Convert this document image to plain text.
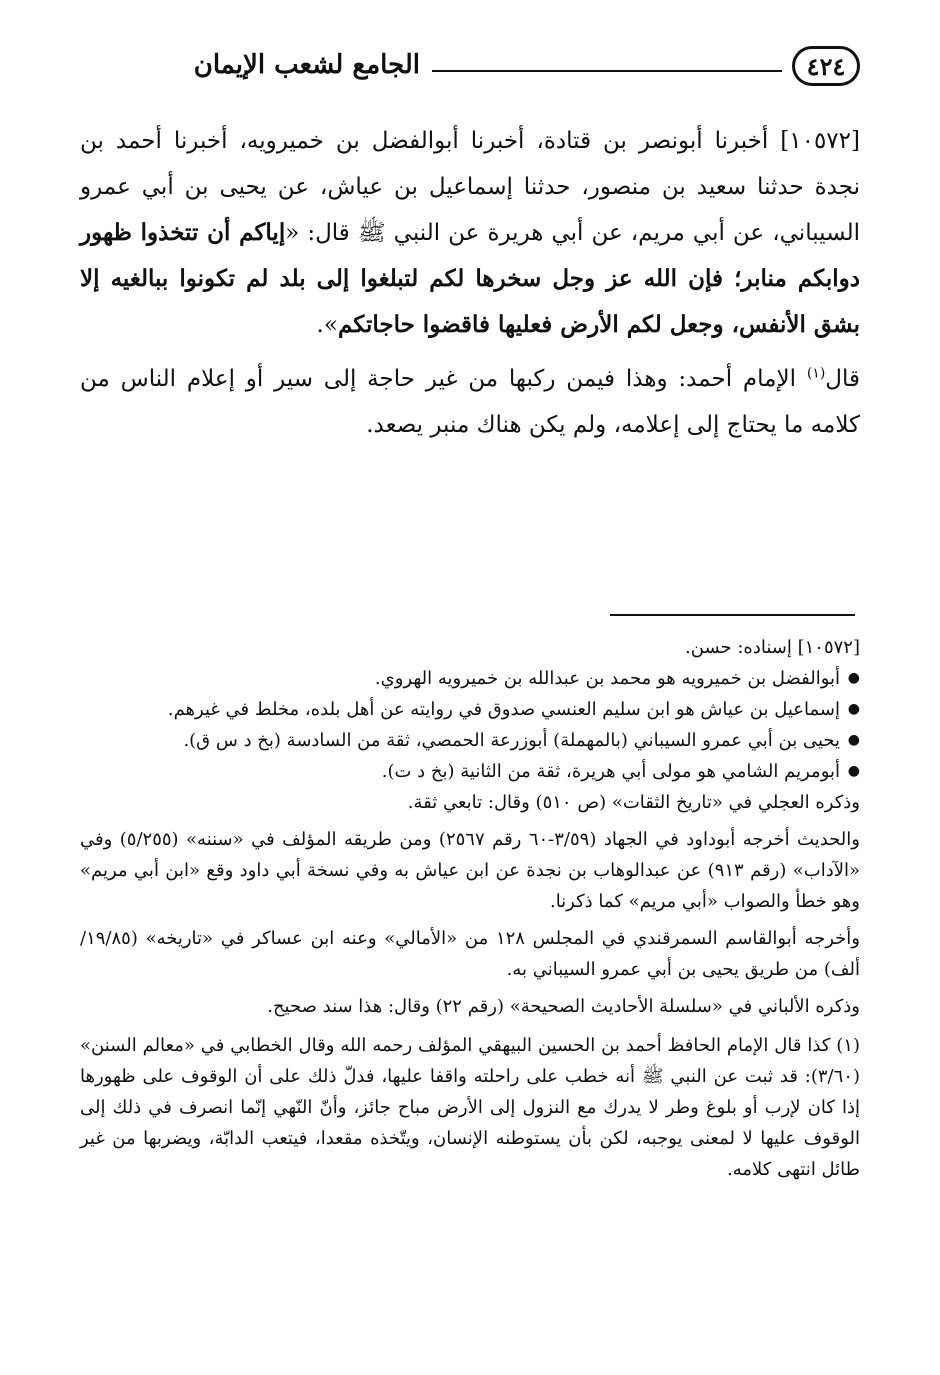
٤٢٤
الجامع لشعب الإيمان

[١٠٥٧٢] أخبرنا أبونصر بن قتادة، أخبرنا أبوالفضل بن خميرويه، أخبرنا أحمد بن نجدة حدثنا سعيد بن منصور، حدثنا إسماعيل بن عياش، عن يحيى بن أبي عمرو السيباني، عن أبي مريم، عن أبي هريرة عن النبي ﷺ قال: «إياكم أن تتخذوا ظهور دوابكم منابر؛ فإن الله عز وجل سخرها لكم لتبلغوا إلى بلد لم تكونوا ببالغيه إلا بشق الأنفس، وجعل لكم الأرض فعليها فاقضوا حاجاتكم».

قال$^{(١)}$ الإمام أحمد: وهذا فيمن ركبها من غير حاجة إلى سير أو إعلام الناس من كلامه ما يحتاج إلى إعلامه، ولم يكن هناك منبر يصعد.

[١٠٥٧٢] إسناده: حسن.

● أبوالفضل بن خميرويه هو محمد بن عبدالله بن خميرويه الهروي.
● إسماعيل بن عياش هو ابن سليم العنسي صدوق في روايته عن أهل بلده، مخلط في غيرهم.
● يحيى بن أبي عمرو السيباني (بالمهملة) أبوزرعة الحمصي، ثقة من السادسة (بخ د س ق).
● أبومريم الشامي هو مولى أبي هريرة، ثقة من الثانية (بخ د ت).

وذكره العجلي في «تاريخ الثقات» (ص ٥١٠) وقال: تابعي ثقة.

والحديث أخرجه أبوداود في الجهاد (٣/٥٩-٦٠ رقم ٢٥٦٧) ومن طريقه المؤلف في «سننه» (٥/٢٥٥) وفي «الآداب» (رقم ٩١٣) عن عبدالوهاب بن نجدة عن ابن عياش به وفي نسخة أبي داود وقع «ابن أبي مريم» وهو خطأ والصواب «أبي مريم» كما ذكرنا.

وأخرجه أبوالقاسم السمرقندي في المجلس ١٢٨ من «الأمالي» وعنه ابن عساكر في «تاريخه» (١٩/٨٥/ألف) من طريق يحيى بن أبي عمرو السيباني به.

وذكره الألباني في «سلسلة الأحاديث الصحيحة» (رقم ٢٢) وقال: هذا سند صحيح.

(١) كذا قال الإمام الحافظ أحمد بن الحسين البيهقي المؤلف رحمه الله وقال الخطابي في «معالم السنن» (٣/٦٠): قد ثبت عن النبي ﷺ أنه خطب على راحلته واقفا عليها، فدلّ ذلك على أن الوقوف على ظهورها إذا كان لإرب أو بلوغ وطر لا يدرك مع النزول إلى الأرض مباح جائز، وأنّ النّهي إنّما انصرف في ذلك إلى الوقوف عليها لا لمعنى يوجبه، لكن بأن يستوطنه الإنسان، ويتّخذه مقعدا، فيتعب الدابّة، ويضربها من غير طائل انتهى كلامه.
